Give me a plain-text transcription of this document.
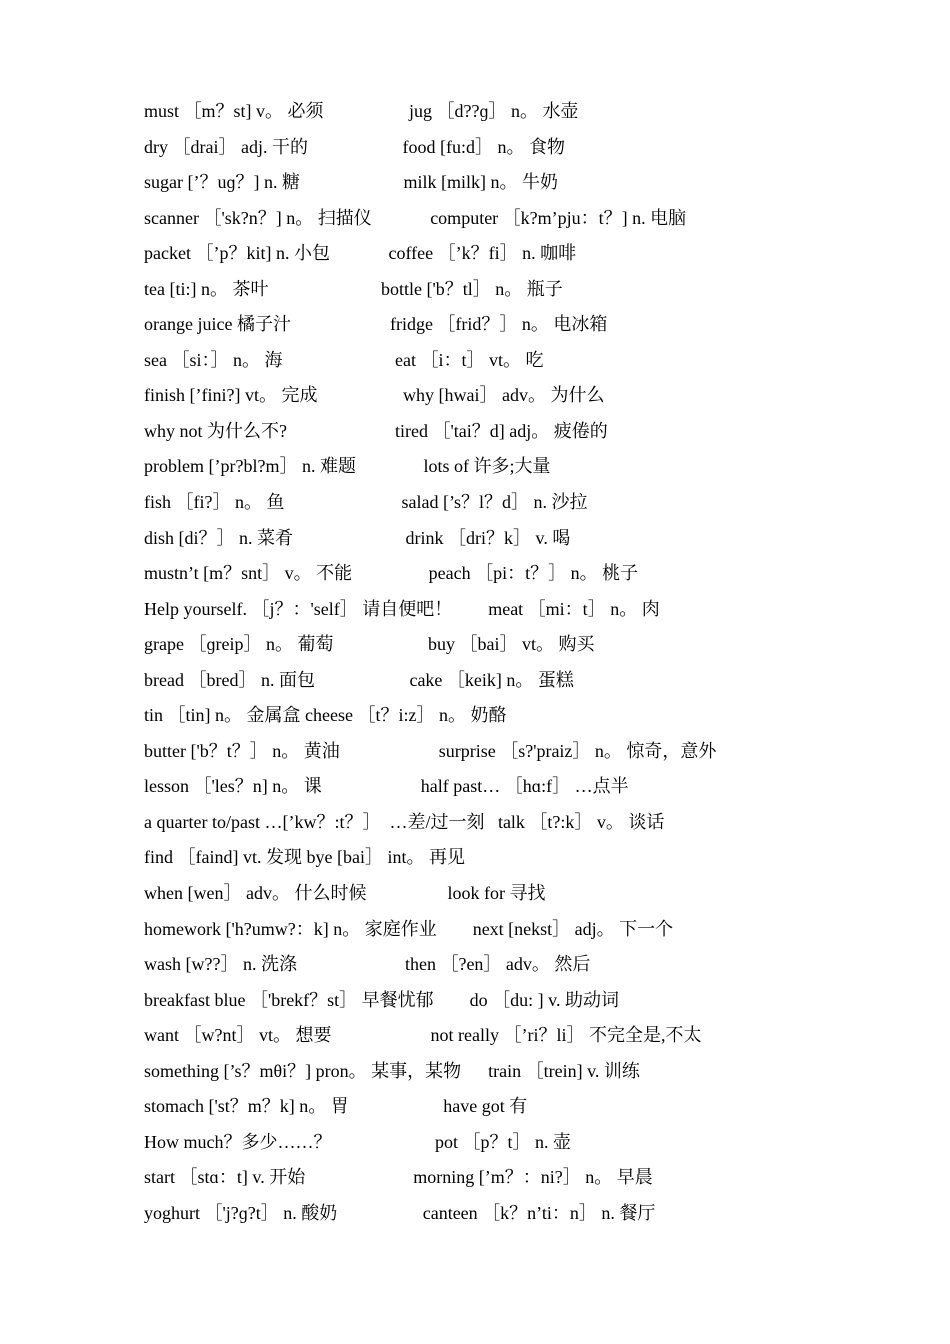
must ［m？st] v。 必须                   jug ［d??ɡ］ n。 水壶
dry ［drai］ adj. 干的                     food [fu:d］ n。 食物
sugar [’？uɡ？] n. 糖                       milk [milk] n。 牛奶
scanner ［'sk?n？] n。 扫描仪             computer ［k?m’pju：t？] n. 电脑
packet ［’p？kit] n. 小包             coffee ［’k？fi］ n. 咖啡
tea [ti:] n。 茶叶                         bottle ['b？tl］ n。 瓶子
orange juice 橘子汁                      fridge ［frid？］ n。 电冰箱
sea ［si：］ n。 海                         eat ［i：t］ vt。 吃
finish [’fini?] vt。 完成                   why [hwai］ adv。 为什么
why not 为什么不?                        tired ［'tai？d] adj。 疲倦的
problem [’pr?bl?m］ n. 难题               lots of 许多;大量
fish ［fi?］ n。 鱼                          salad [’s？l？d］ n. 沙拉
dish [di？］ n. 菜肴                         drink ［dri？k］ v. 喝
mustn’t [m？snt］ v。 不能                 peach ［pi：t？］ n。 桃子
Help yourself. ［j？：'self］ 请自便吧！        meat ［mi：t］ n。 肉
grape ［ɡreip］ n。 葡萄                     buy ［bai］ vt。 购买
bread ［bred］ n. 面包                     cake ［keik] n。 蛋糕
tin ［tin] n。 金属盒 cheese ［t？i:z］ n。 奶酪
butter ['b？t？］ n。 黄油                      surprise ［s?'praiz］ n。 惊奇，意外
lesson ［'les？n] n。 课                      half past… ［hɑ:f］ …点半
a quarter to/past …[’kw？:t？］  …差/过一刻   talk ［t?:k］ v。 谈话
find ［faind] vt. 发现 bye [bai］ int。 再见
when [wen］ adv。 什么时候                  look for 寻找
homework ['h?umw?：k] n。 家庭作业        next [nekst］ adj。 下一个
wash [w??］ n. 洗涤                        then ［?en］ adv。 然后
breakfast blue ［'brekf？st］ 早餐忧郁        do ［du: ] v. 助动词
want ［w?nt］ vt。 想要                      not really ［’ri？li］ 不完全是,不太
something [’s？mθi？] pron。 某事，某物      train ［trein] v. 训练
stomach ['st？m？k] n。 胃                     have got 有
How much？多少……？                       pot ［p？t］ n. 壶
start ［stɑ：t] v. 开始                        morning [’m？：ni?］ n。 早晨
yoghurt ［'j?ɡ?t］ n. 酸奶                   canteen ［k？n’ti：n］ n. 餐厅
